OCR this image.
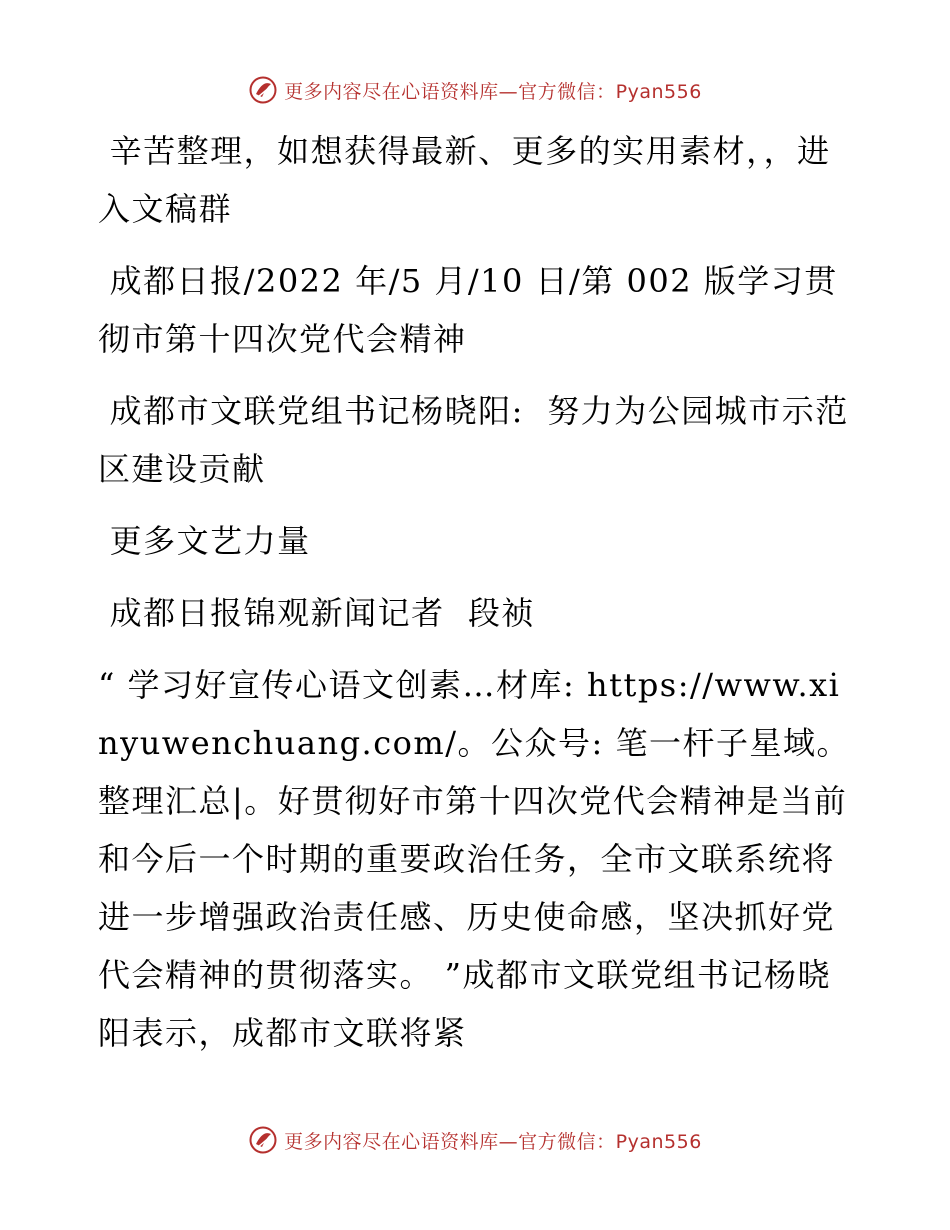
更多内容尽在心语资料库—官方微信：Pyan556

辛苦整理，如想获得最新、更多的实用素材，，进入文稿群

成都日报/2022 年/5 月/10 日/第 002 版学习贯彻市第十四次党代会精神

成都市文联党组书记杨晓阳:  努力为公园城市示范区建设贡献

更多文艺力量

成都日报锦观新闻记者  段祯

“ 学习好宣传心语文创素…材库: https://www.xinyuwenchuang.com/。公众号: 笔一杆子星域。整理汇总|。好贯彻好市第十四次党代会精神是当前和今后一个时期的重要政治任务，全市文联系统将进一步增强政治责任感、历史使命感，坚决抓好党代会精神的贯彻落实。 ”成都市文联党组书记杨晓阳表示，成都市文联将紧

更多内容尽在心语资料库—官方微信：Pyan556
